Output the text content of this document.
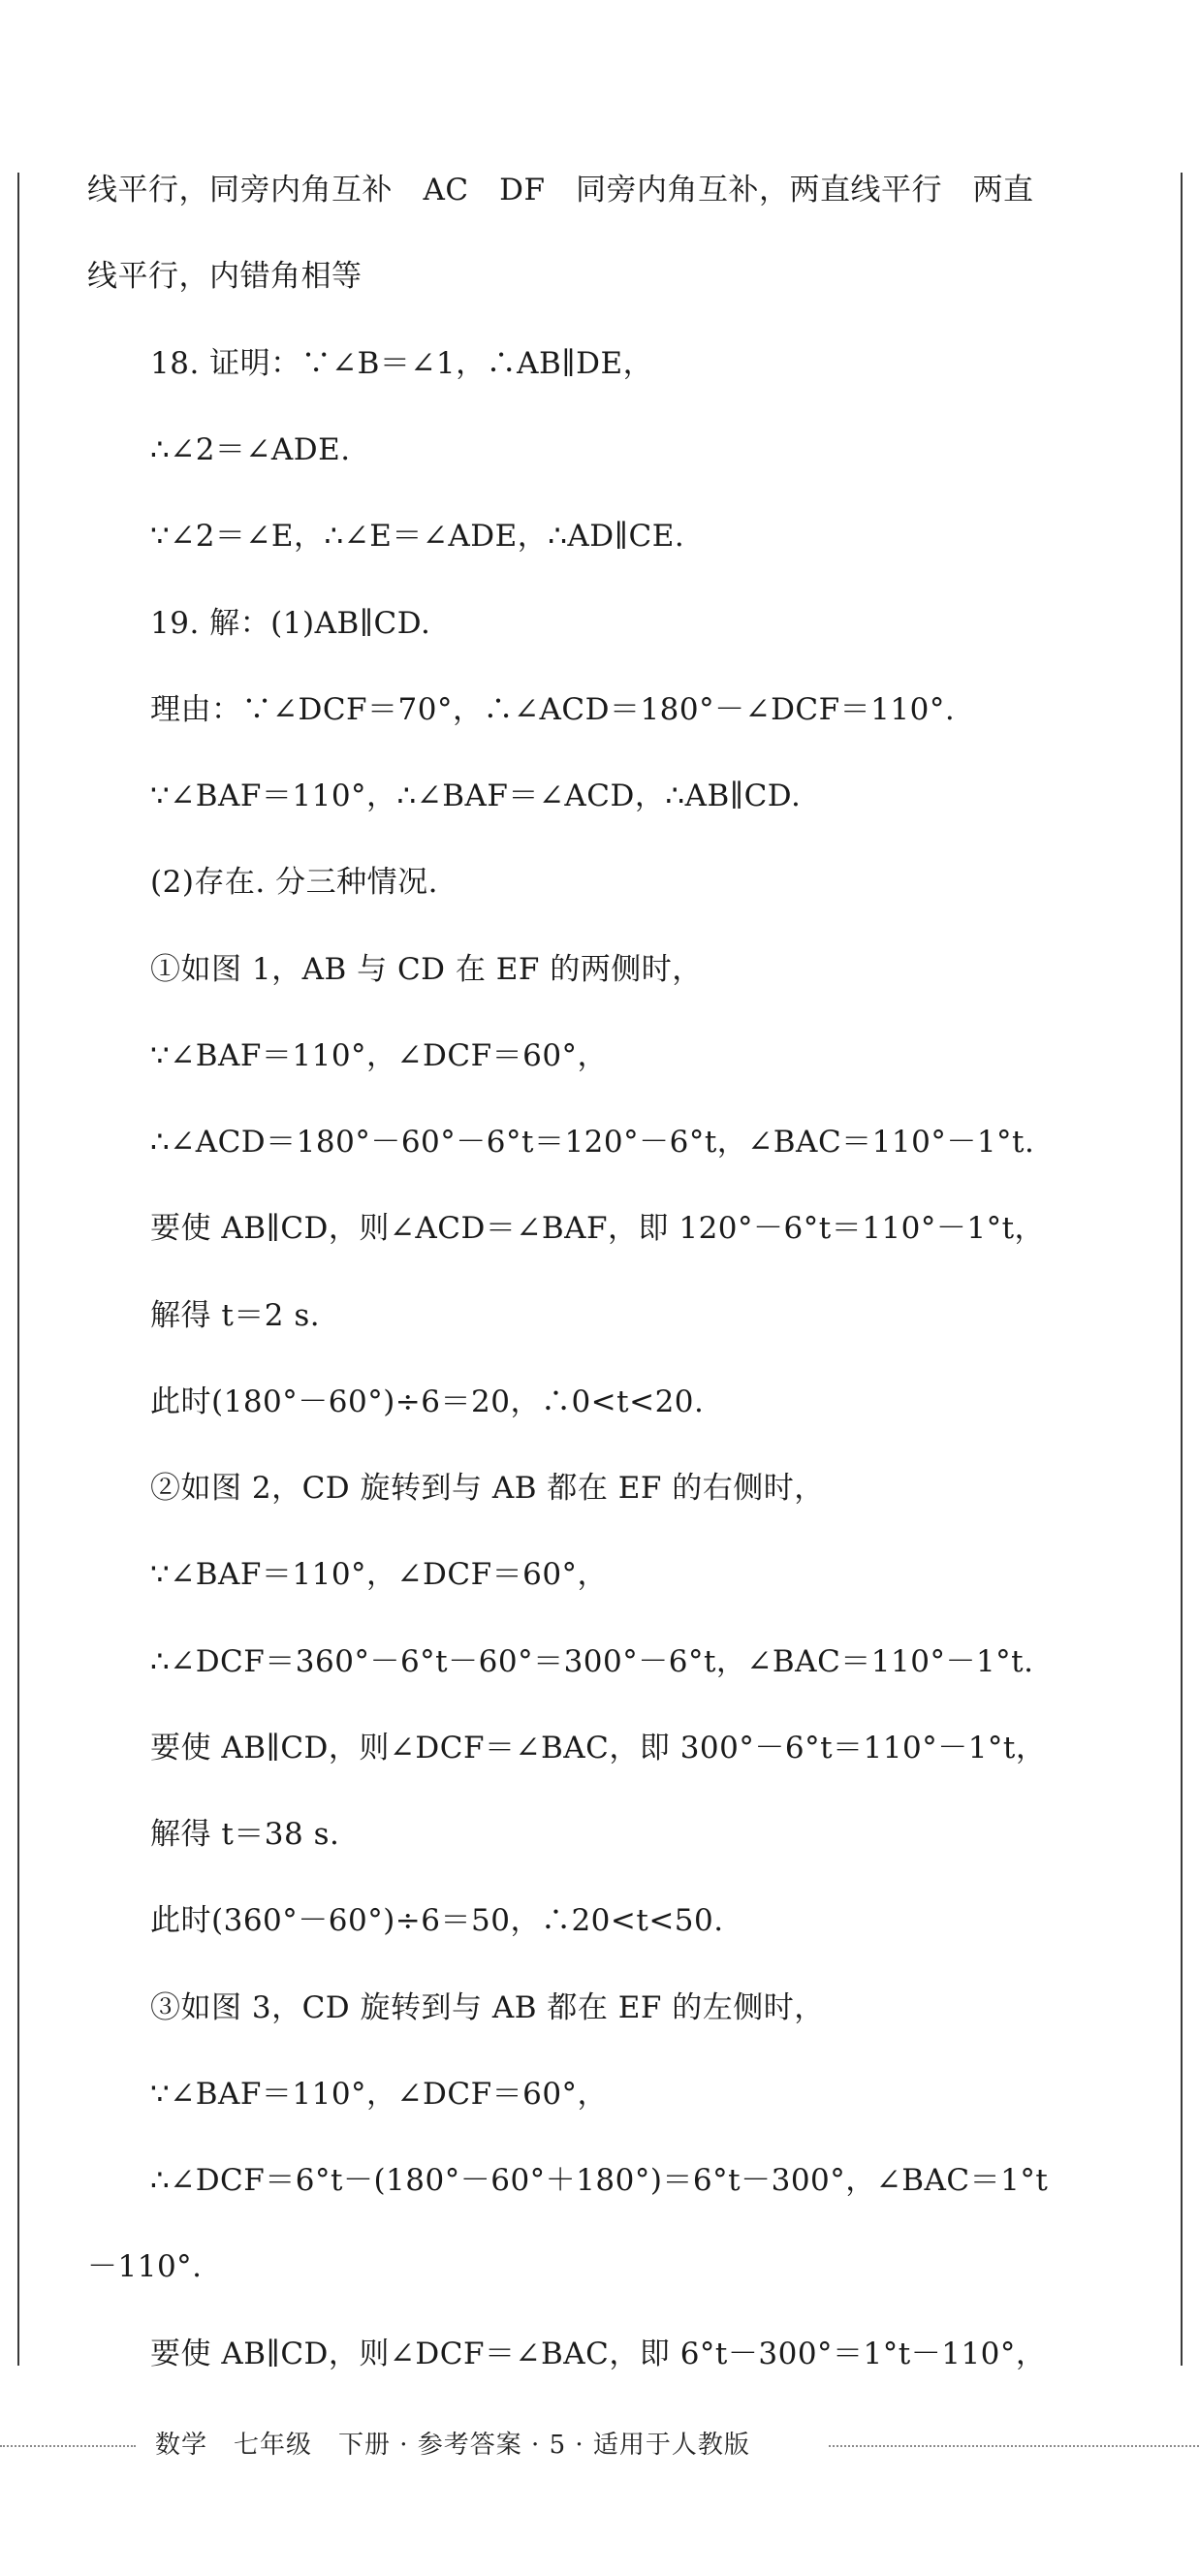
线平行，同旁内角互补　AC　DF　同旁内角互补，两直线平行　两直
线平行，内错角相等
18. 证明：∵∠B＝∠1，∴AB∥DE，
∴∠2＝∠ADE.
∵∠2＝∠E，∴∠E＝∠ADE，∴AD∥CE.
19. 解：(1)AB∥CD.
理由：∵∠DCF＝70°，∴∠ACD＝180°－∠DCF＝110°.
∵∠BAF＝110°，∴∠BAF＝∠ACD，∴AB∥CD.
(2)存在. 分三种情况.
①如图 1，AB 与 CD 在 EF 的两侧时，
∵∠BAF＝110°，∠DCF＝60°，
∴∠ACD＝180°－60°－6°t＝120°－6°t，∠BAC＝110°－1°t.
要使 AB∥CD，则∠ACD＝∠BAF，即 120°－6°t＝110°－1°t，
解得 t＝2 s.
此时(180°－60°)÷6＝20，∴0<t<20.
②如图 2，CD 旋转到与 AB 都在 EF 的右侧时，
∵∠BAF＝110°，∠DCF＝60°，
∴∠DCF＝360°－6°t－60°＝300°－6°t，∠BAC＝110°－1°t.
要使 AB∥CD，则∠DCF＝∠BAC，即 300°－6°t＝110°－1°t，
解得 t＝38 s.
此时(360°－60°)÷6＝50，∴20<t<50.
③如图 3，CD 旋转到与 AB 都在 EF 的左侧时，
∵∠BAF＝110°，∠DCF＝60°，
∴∠DCF＝6°t－(180°－60°＋180°)＝6°t－300°，∠BAC＝1°t
－110°.
要使 AB∥CD，则∠DCF＝∠BAC，即 6°t－300°＝1°t－110°，
数学　七年级　下册 · 参考答案 · 5 · 适用于人教版
